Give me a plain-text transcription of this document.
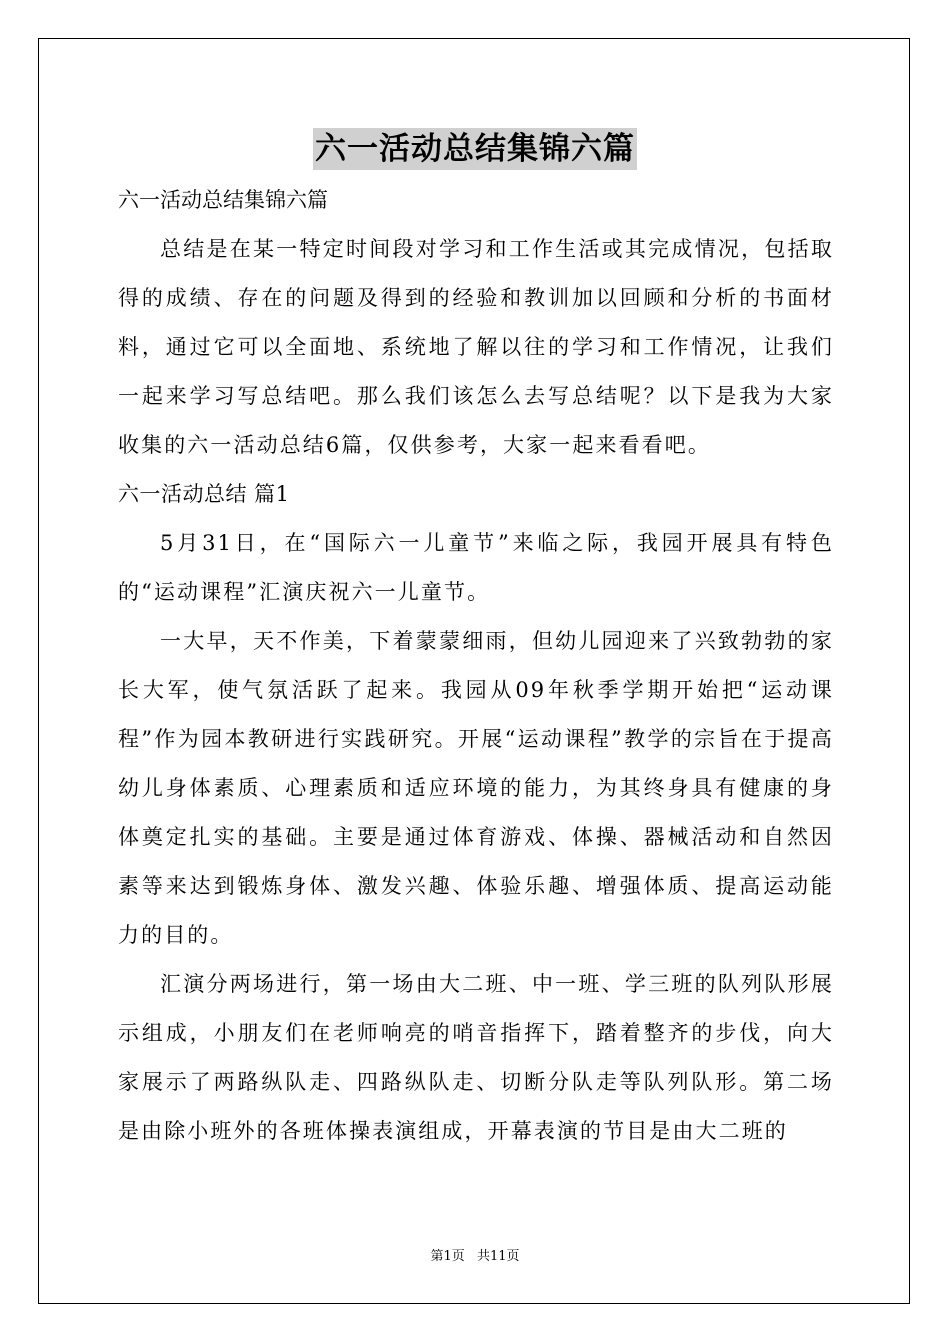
六一活动总结集锦六篇
六一活动总结集锦六篇

总结是在某一特定时间段对学习和工作生活或其完成情况，包括取得的成绩、存在的问题及得到的经验和教训加以回顾和分析的书面材料，通过它可以全面地、系统地了解以往的学习和工作情况，让我们一起来学习写总结吧。那么我们该怎么去写总结呢？以下是我为大家收集的六一活动总结6篇，仅供参考，大家一起来看看吧。

六一活动总结 篇1

5月31日，在“国际六一儿童节”来临之际，我园开展具有特色的“运动课程”汇演庆祝六一儿童节。

一大早，天不作美，下着蒙蒙细雨，但幼儿园迎来了兴致勃勃的家长大军，使气氛活跃了起来。我园从09年秋季学期开始把“运动课程”作为园本教研进行实践研究。开展“运动课程”教学的宗旨在于提高幼儿身体素质、心理素质和适应环境的能力，为其终身具有健康的身体奠定扎实的基础。主要是通过体育游戏、体操、器械活动和自然因素等来达到锻炼身体、激发兴趣、体验乐趣、增强体质、提高运动能力的目的。

汇演分两场进行，第一场由大二班、中一班、学三班的队列队形展示组成，小朋友们在老师响亮的哨音指挥下，踏着整齐的步伐，向大家展示了两路纵队走、四路纵队走、切断分队走等队列队形。第二场是由除小班外的各班体操表演组成，开幕表演的节目是由大二班的

第1页 共11页
